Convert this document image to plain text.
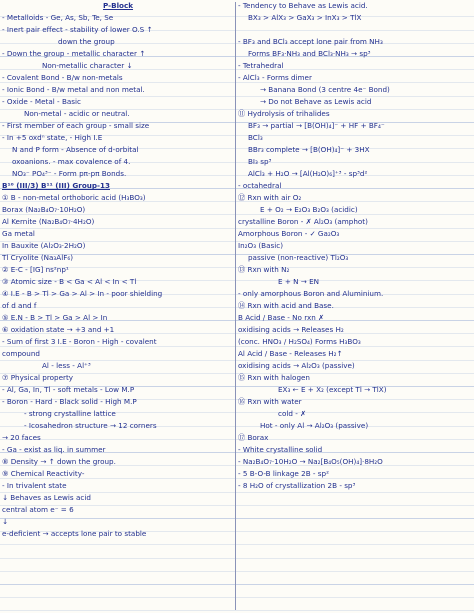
P-Block
- Metalloids - Ge, As, Sb, Te, Se
- Inert pair effect - stability of lower O.S ↑
down the group
- Down the group - metallic character ↑
Non-metallic character ↓
- Covalent Bond - B/w non-metals
- Ionic Bond - B/w metal and non metal.
- Oxide - Metal - Basic
Non-metal - acidic or neutral.
- First member of each group - small size
- In +5 oxdⁿ state, - High I.E
N and P form - Absence of d-orbital
oxoanions. - max covalence of 4.
NO₃⁻ PO₄³⁻ - Form pπ-pπ Bonds.
B¹⁰ (III/3) B¹¹ (III) Group-13
① B - non-metal orthoboric acid (H₃BO₃)
Borax (Na₂B₄O₇·10H₂O)
Al Kernite (Na₂B₄O₇·4H₂O)
Ga metal
In Bauxite (Al₂O₃·2H₂O)
Tl Cryolite (Na₃AlF₆)
② E-C - [IG] ns²np¹
③ Atomic size - B < Ga < Al < In < Tl
④ I.E - B > Tl > Ga > Al > In - poor shielding
of d and f
⑤ E.N - B > Tl > Ga > Al > In
⑥ oxidation state → +3 and +1
- Sum of first 3 I.E - Boron - High - covalent
compound
Al - less - Al⁺³
⑦ Physical property
- Al, Ga, In, Tl - soft metals - Low M.P
- Boron - Hard - Black solid - High M.P
- strong crystalline lattice
- Icosahedron structure → 12 corners
→ 20 faces
- Ga - exist as liq. in summer
⑧ Density → ↑ down the group.
⑨ Chemical Reactivity-
- In trivalent state
↓ Behaves as Lewis acid
central atom e⁻ = 6
↓
e-deficient → accepts lone pair to stable
- Tendency to Behave as Lewis acid.
BX₃ > AlX₃ > GaX₃ > InX₃ > TlX
- BF₃ and BCl₃ accept lone pair from NH₃
Forms BF₃·NH₃ and BCl₃·NH₃ → sp³
- Tetrahedral
- AlCl₃ - Forms dimer
→ Banana Bond (3 centre 4e⁻ Bond)
→ Do not Behave as Lewis acid
⑪ Hydrolysis of trihalides
BF₃ → partial → [B(OH)₄]⁻ + HF + BF₄⁻
BCl₃
BBr₃ complete → [B(OH)₄]⁻ + 3HX
BI₃ sp³
AlCl₃ + H₂O → [Al(H₂O)₆]⁺³ - sp³d²
- octahedral
⑫ Rxn with air O₂
E + O₂ → E₂O₃ B₂O₃ (acidic)
crystalline Boron - ✗ Al₂O₃ (amphot)
Amorphous Boron - ✓ Ga₂O₃
In₂O₃ (Basic)
passive (non-reactive) Tl₂O₃
⑬ Rxn with N₂
E + N → EN
- only amorphous Boron and Aluminium.
⑭ Rxn with acid and Base.
B Acid / Base - No rxn ✗
oxidising acids → Releases H₂
(conc. HNO₃ / H₂SO₄) Forms H₃BO₃
Al Acid / Base - Releases H₂↑
oxidising acids → Al₂O₃ (passive)
⑮ Rxn with halogen
EX₃ ← E + X₂ (except Tl → TlX)
⑯ Rxn with water
cold - ✗
Hot - only Al → Al₂O₃ (passive)
⑰ Borax
- White crystalline solid
- Na₂B₄O₇·10H₂O → Na₂[B₄O₅(OH)₄]·8H₂O
- 5 B-O-B linkage 2B - sp²
- 8 H₂O of crystallization 2B - sp³
